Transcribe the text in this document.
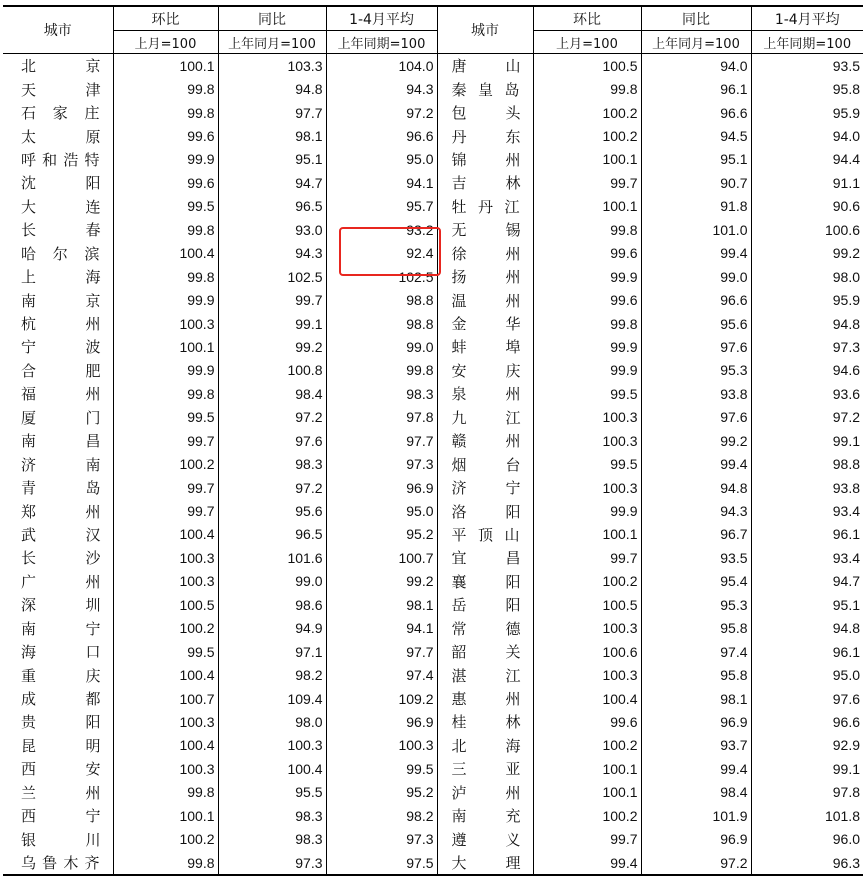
城市	环比	同比	1-4月平均	城市	环比	同比	1-4月平均
	上月=100	上年同月=100	上年同期=100		上月=100	上年同月=100	上年同期=100
北京	100.1	103.3	104.0	唐山	100.5	94.0	93.5
天津	99.8	94.8	94.3	秦皇岛	99.8	96.1	95.8
石家庄	99.8	97.7	97.2	包头	100.2	96.6	95.9
太原	99.6	98.1	96.6	丹东	100.2	94.5	94.0
呼和浩特	99.9	95.1	95.0	锦州	100.1	95.1	94.4
沈阳	99.6	94.7	94.1	吉林	99.7	90.7	91.1
大连	99.5	96.5	95.7	牡丹江	100.1	91.8	90.6
长春	99.8	93.0	93.2	无锡	99.8	101.0	100.6
哈尔滨	100.4	94.3	92.4	徐州	99.6	99.4	99.2
上海	99.8	102.5	102.5	扬州	99.9	99.0	98.0
南京	99.9	99.7	98.8	温州	99.6	96.6	95.9
杭州	100.3	99.1	98.8	金华	99.8	95.6	94.8
宁波	100.1	99.2	99.0	蚌埠	99.9	97.6	97.3
合肥	99.9	100.8	99.8	安庆	99.9	95.3	94.6
福州	99.8	98.4	98.3	泉州	99.5	93.8	93.6
厦门	99.5	97.2	97.8	九江	100.3	97.6	97.2
南昌	99.7	97.6	97.7	赣州	100.3	99.2	99.1
济南	100.2	98.3	97.3	烟台	99.5	99.4	98.8
青岛	99.7	97.2	96.9	济宁	100.3	94.8	93.8
郑州	99.7	95.6	95.0	洛阳	99.9	94.3	93.4
武汉	100.4	96.5	95.2	平顶山	100.1	96.7	96.1
长沙	100.3	101.6	100.7	宜昌	99.7	93.5	93.4
广州	100.3	99.0	99.2	襄阳	100.2	95.4	94.7
深圳	100.5	98.6	98.1	岳阳	100.5	95.3	95.1
南宁	100.2	94.9	94.1	常德	100.3	95.8	94.8
海口	99.5	97.1	97.7	韶关	100.6	97.4	96.1
重庆	100.4	98.2	97.4	湛江	100.3	95.8	95.0
成都	100.7	109.4	109.2	惠州	100.4	98.1	97.6
贵阳	100.3	98.0	96.9	桂林	99.6	96.9	96.6
昆明	100.4	100.3	100.3	北海	100.2	93.7	92.9
西安	100.3	100.4	99.5	三亚	100.1	99.4	99.1
兰州	99.8	95.5	95.2	泸州	100.1	98.4	97.8
西宁	100.1	98.3	98.2	南充	100.2	101.9	101.8
银川	100.2	98.3	97.3	遵义	99.7	96.9	96.0
乌鲁木齐	99.8	97.3	97.5	大理	99.4	97.2	96.3
